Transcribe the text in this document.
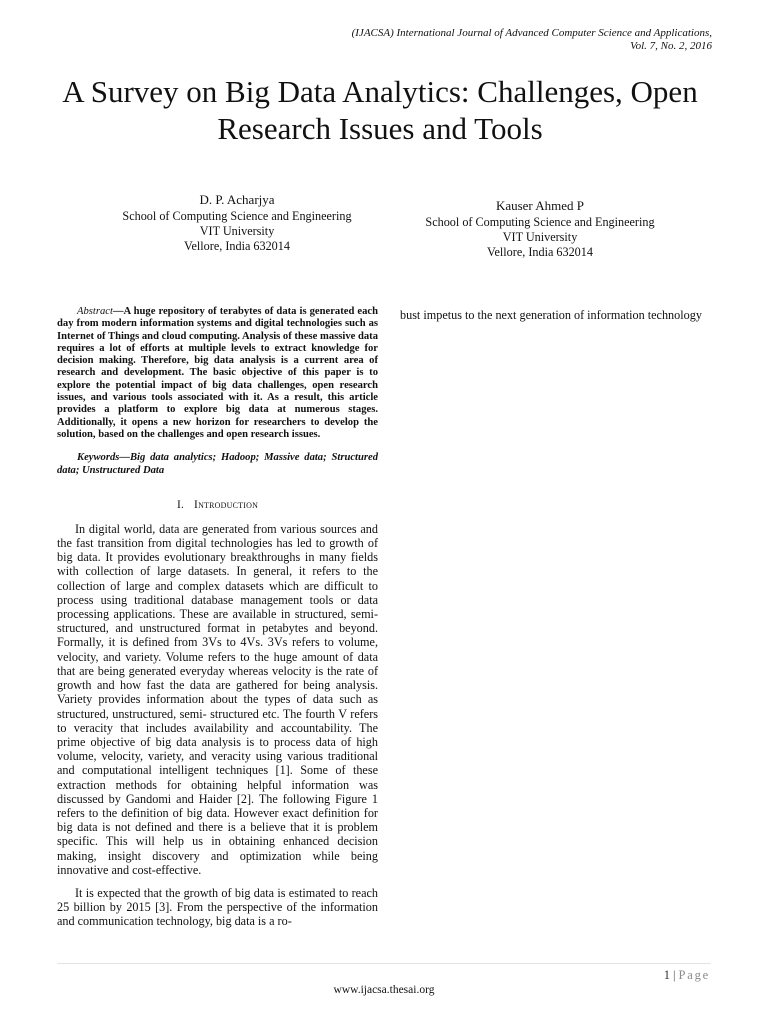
(IJACSA) International Journal of Advanced Computer Science and Applications,
Vol. 7, No. 2, 2016
A Survey on Big Data Analytics: Challenges, Open
Research Issues and Tools
D. P. Acharjya
School of Computing Science and Engineering
VIT University
Vellore, India 632014
Kauser Ahmed P
School of Computing Science and Engineering
VIT University
Vellore, India 632014

Abstract—A huge repository of terabytes of data is generated each day from modern information systems and digital technologies such as Internet of Things and cloud computing. Analysis of these massive data requires a lot of efforts at multiple levels to extract knowledge for decision making. Therefore, big data analysis is a current area of research and development. The basic objective of this paper is to explore the potential impact of big data challenges, open research issues, and various tools associated with it. As a result, this article provides a platform to explore big data at numerous stages. Additionally, it opens a new horizon for researchers to develop the solution, based on the challenges and open research issues.

Keywords—Big data analytics; Hadoop; Massive data; Structured data; Unstructured Data

I. Introduction

In digital world, data are generated from various sources and the fast transition from digital technologies has led to growth of big data. It provides evolutionary breakthroughs in many fields with collection of large datasets. In general, it refers to the collection of large and complex datasets which are difficult to process using traditional database management tools or data processing applications. These are available in structured, semi-structured, and unstructured format in petabytes and beyond. Formally, it is defined from 3Vs to 4Vs. 3Vs refers to volume, velocity, and variety. Volume refers to the huge amount of data that are being generated everyday whereas velocity is the rate of growth and how fast the data are gathered for being analysis. Variety provides information about the types of data such as structured, unstructured, semi- structured etc. The fourth V refers to veracity that includes availability and accountability. The prime objective of big data analysis is to process data of high volume, velocity, variety, and veracity using various traditional and computational intelligent techniques [1]. Some of these extraction methods for obtaining helpful information was discussed by Gandomi and Haider [2]. The following Figure 1 refers to the definition of big data. However exact definition for big data is not defined and there is a believe that it is problem specific. This will help us in obtaining enhanced decision making, insight discovery and optimization while being innovative and cost-effective.

It is expected that the growth of big data is estimated to reach 25 billion by 2015 [3]. From the perspective of the information and communication technology, big data is a ro-

bust impetus to the next generation of information technology

1 | Page
www.ijacsa.thesai.org
